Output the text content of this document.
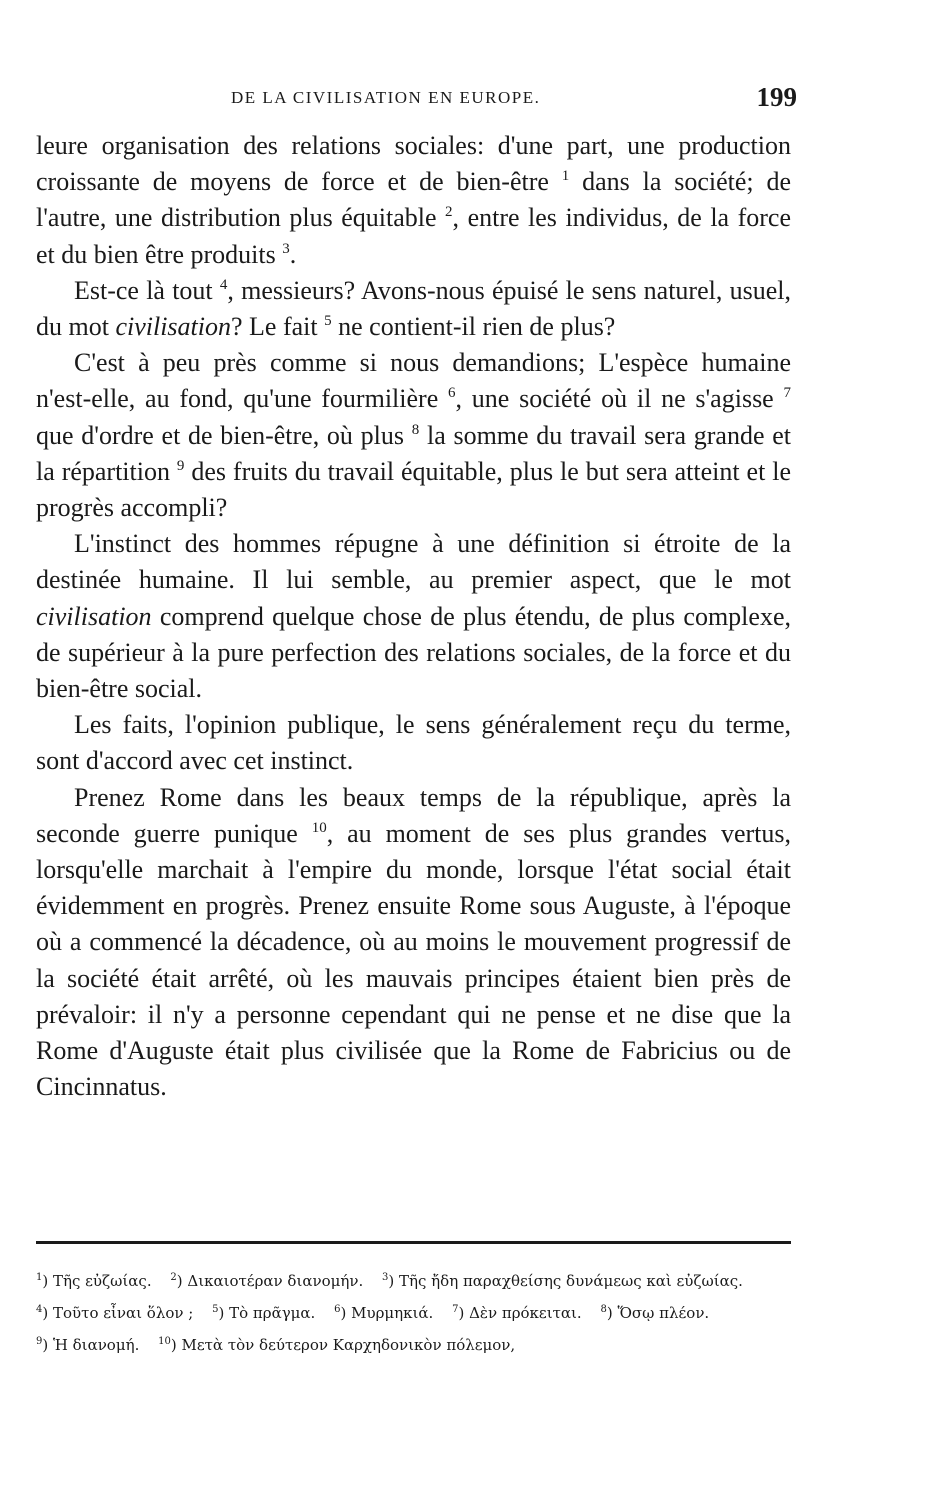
DE LA CIVILISATION EN EUROPE.	199

leure organisation des relations sociales: d'une part, une production croissante de moyens de force et de bien-être $^1$ dans la société; de l'autre, une distribution plus équitable $^2$, entre les individus, de la force et du bien être produits $^3$.

Est-ce là tout $^4$, messieurs? Avons-nous épuisé le sens naturel, usuel, du mot civilisation? Le fait $^5$ ne contient-il rien de plus?

C'est à peu près comme si nous demandions; L'espèce humaine n'est-elle, au fond, qu'une fourmilière $^6$, une société où il ne s'agisse $^7$ que d'ordre et de bien-être, où plus $^8$ la somme du travail sera grande et la répartition $^9$ des fruits du travail équitable, plus le but sera atteint et le progrès accompli?

L'instinct des hommes répugne à une définition si étroite de la destinée humaine. Il lui semble, au premier aspect, que le mot civilisation comprend quelque chose de plus étendu, de plus complexe, de supérieur à la pure perfection des relations sociales, de la force et du bien-être social.

Les faits, l'opinion publique, le sens généralement reçu du terme, sont d'accord avec cet instinct.

Prenez Rome dans les beaux temps de la république, après la seconde guerre punique $^{10}$, au moment de ses plus grandes vertus, lorsqu'elle marchait à l'empire du monde, lorsque l'état social était évidemment en progrès. Prenez ensuite Rome sous Auguste, à l'époque où a commencé la décadence, où au moins le mouvement progressif de la société était arrêté, où les mauvais principes étaient bien près de prévaloir: il n'y a personne cependant qui ne pense et ne dise que la Rome d'Auguste était plus civilisée que la Rome de Fabricius ou de Cincinnatus.

$^1$) Τῆς εὐζωίας. $^2$) Δικαιοτέραν διανομήν. $^3$) Τῆς ἤδη παραχθείσης δυνάμεως καὶ εὐζωίας. $^4$) Τοῦτο εἶναι ὅλον ; $^5$) Τὸ πρᾶγμα. $^6$) Μυρμηκιά. $^7$) Δὲν πρόκειται. $^8$) Ὅσῳ πλέον. $^9$) Ἡ διανομή. $^{10}$) Μετὰ τὸν δεύτερον Καρχηδονικὸν πόλεμον,
